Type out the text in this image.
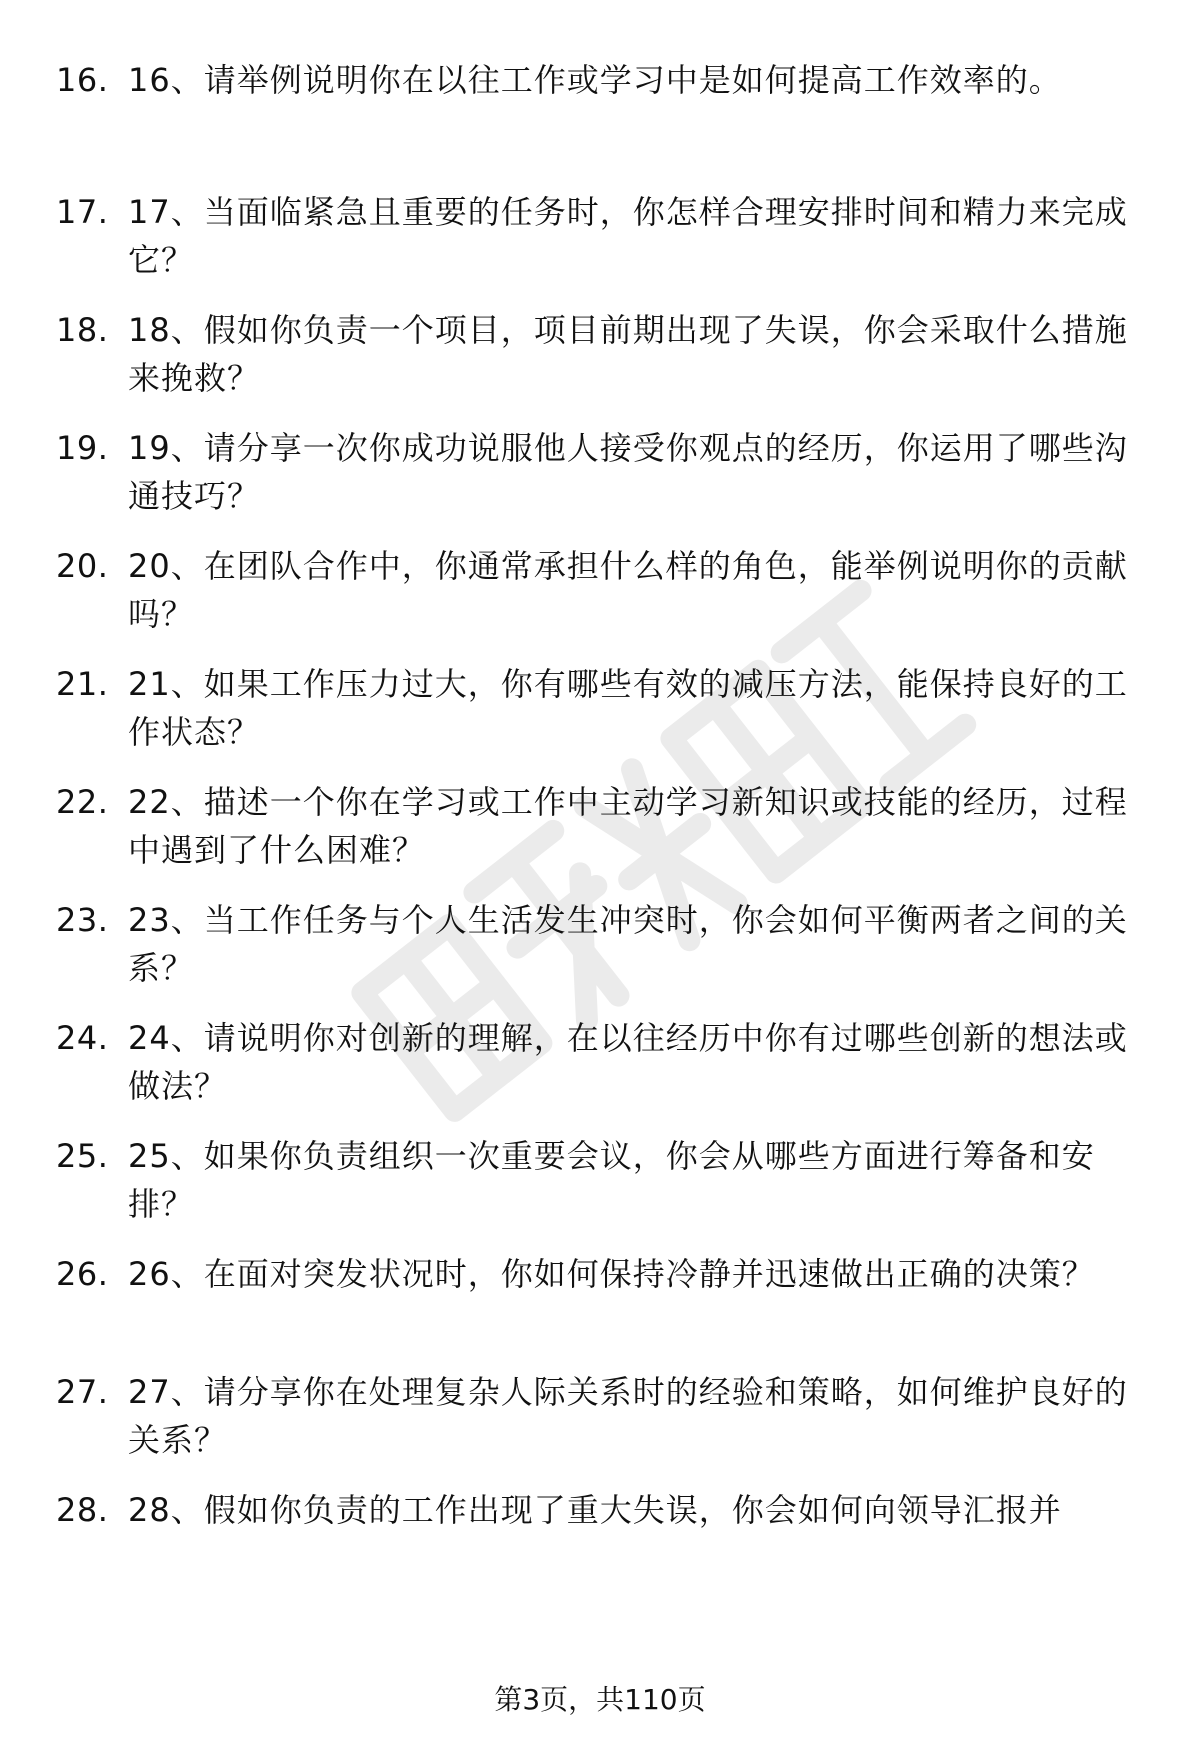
16. 16、请举例说明你在以往工作或学习中是如何提高工作效率的。
17. 17、当面临紧急且重要的任务时，你怎样合理安排时间和精力来完成它？
18. 18、假如你负责一个项目，项目前期出现了失误，你会采取什么措施来挽救？
19. 19、请分享一次你成功说服他人接受你观点的经历，你运用了哪些沟通技巧？
20. 20、在团队合作中，你通常承担什么样的角色，能举例说明你的贡献吗？
21. 21、如果工作压力过大，你有哪些有效的减压方法，能保持良好的工作状态？
22. 22、描述一个你在学习或工作中主动学习新知识或技能的经历，过程中遇到了什么困难？
23. 23、当工作任务与个人生活发生冲突时，你会如何平衡两者之间的关系？
24. 24、请说明你对创新的理解，在以往经历中你有过哪些创新的想法或做法？
25. 25、如果你负责组织一次重要会议，你会从哪些方面进行筹备和安排？
26. 26、在面对突发状况时，你如何保持冷静并迅速做出正确的决策？
27. 27、请分享你在处理复杂人际关系时的经验和策略，如何维护良好的关系？
28. 28、假如你负责的工作出现了重大失误，你会如何向领导汇报并
第3页，共110页
